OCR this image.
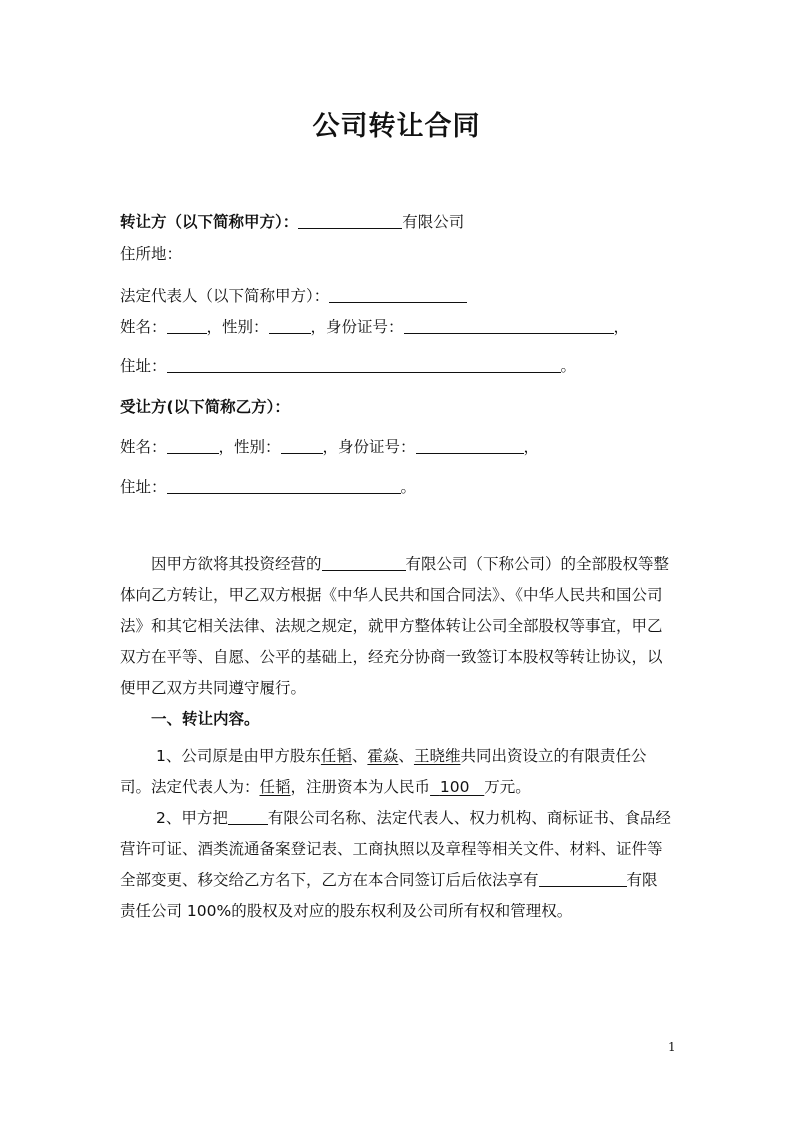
公司转让合同
转让方（以下简称甲方）：	有限公司
住所地：
法定代表人（以下简称甲方）：
姓名：	，性别：	，身份证号：	，
住址：	。
受让方(以下简称乙方）：
姓名：	，性别：	，身份证号：	，
住址：	。

因甲方欲将其投资经营的	有限公司（下称公司）的全部股权等整体向乙方转让，甲乙双方根据《中华人民共和国合同法》、《中华人民共和国公司法》和其它相关法律、法规之规定，就甲方整体转让公司全部股权等事宜，甲乙双方在平等、自愿、公平的基础上，经充分协商一致签订本股权等转让协议，以便甲乙双方共同遵守履行。

一、转让内容。

1、公司原是由甲方股东任韬、霍焱、王晓维共同出资设立的有限责任公司。法定代表人为：任韬，注册资本为人民币 100 万元。

2、甲方把	有限公司名称、法定代表人、权力机构、商标证书、食品经营许可证、酒类流通备案登记表、工商执照以及章程等相关文件、材料、证件等全部变更、移交给乙方名下，乙方在本合同签订后后依法享有	有限责任公司 100%的股权及对应的股东权利及公司所有权和管理权。

1
